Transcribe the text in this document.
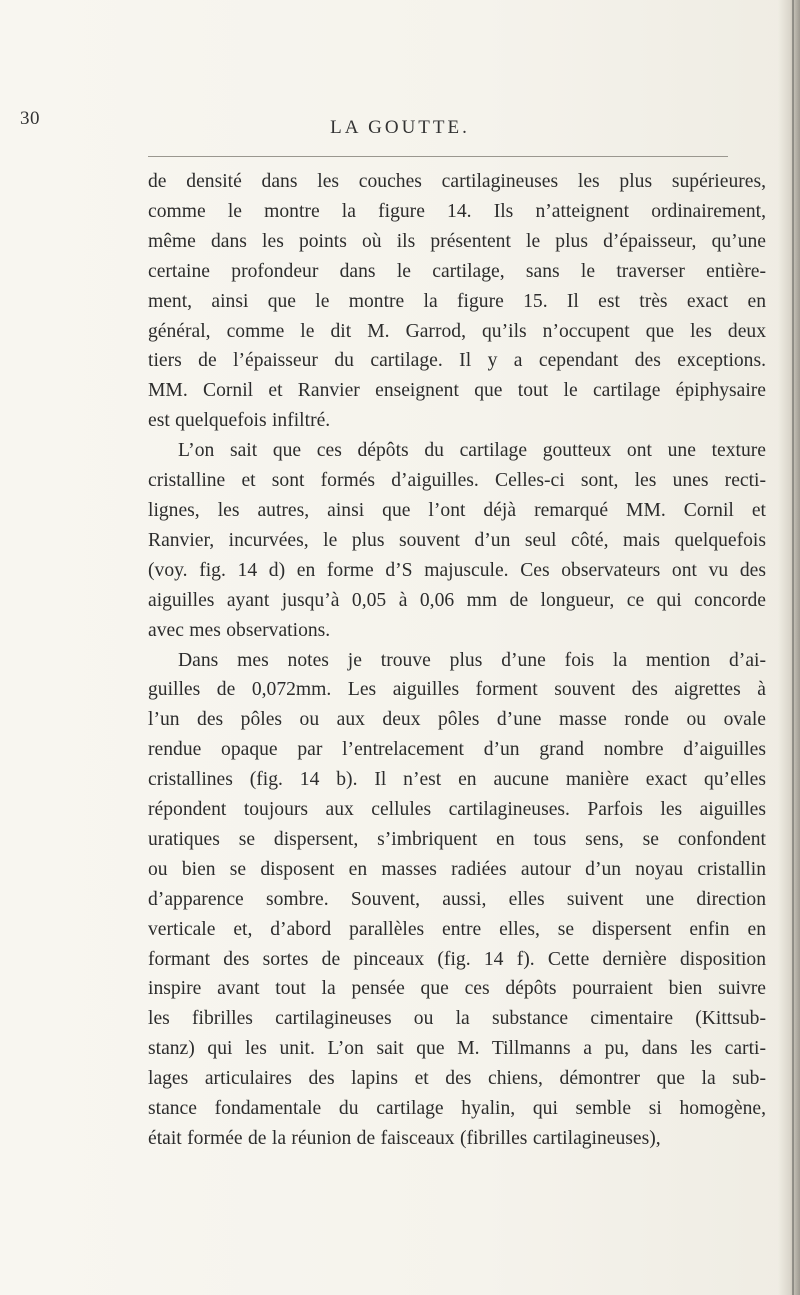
30	LA GOUTTE.

de densité dans les couches cartilagineuses les plus supérieures,
comme le montre la figure 14. Ils n’atteignent ordinairement,
même dans les points où ils présentent le plus d’épaisseur, qu’une
certaine profondeur dans le cartilage, sans le traverser entière-
ment, ainsi que le montre la figure 15. Il est très exact en
général, comme le dit M. Garrod, qu’ils n’occupent que les deux
tiers de l’épaisseur du cartilage. Il y a cependant des exceptions.
MM. Cornil et Ranvier enseignent que tout le cartilage épiphysaire
est quelquefois infiltré.

L’on sait que ces dépôts du cartilage goutteux ont une texture
cristalline et sont formés d’aiguilles. Celles-ci sont, les unes recti-
lignes, les autres, ainsi que l’ont déjà remarqué MM. Cornil et
Ranvier, incurvées, le plus souvent d’un seul côté, mais quelquefois
(voy. fig. 14 d) en forme d’S majuscule. Ces observateurs ont vu des
aiguilles ayant jusqu’à 0,05 à 0,06 mm de longueur, ce qui concorde
avec mes observations.

Dans mes notes je trouve plus d’une fois la mention d’ai-
guilles de 0,072mm. Les aiguilles forment souvent des aigrettes à
l’un des pôles ou aux deux pôles d’une masse ronde ou ovale
rendue opaque par l’entrelacement d’un grand nombre d’aiguilles
cristallines (fig. 14 b). Il n’est en aucune manière exact qu’elles
répondent toujours aux cellules cartilagineuses. Parfois les aiguilles
uratiques se dispersent, s’imbriquent en tous sens, se confondent
ou bien se disposent en masses radiées autour d’un noyau cristallin
d’apparence sombre. Souvent, aussi, elles suivent une direction
verticale et, d’abord parallèles entre elles, se dispersent enfin en
formant des sortes de pinceaux (fig. 14 f). Cette dernière disposition
inspire avant tout la pensée que ces dépôts pourraient bien suivre
les fibrilles cartilagineuses ou la substance cimentaire (Kittsub-
stanz) qui les unit. L’on sait que M. Tillmanns a pu, dans les carti-
lages articulaires des lapins et des chiens, démontrer que la sub-
stance fondamentale du cartilage hyalin, qui semble si homogène,
était formée de la réunion de faisceaux (fibrilles cartilagineuses),
